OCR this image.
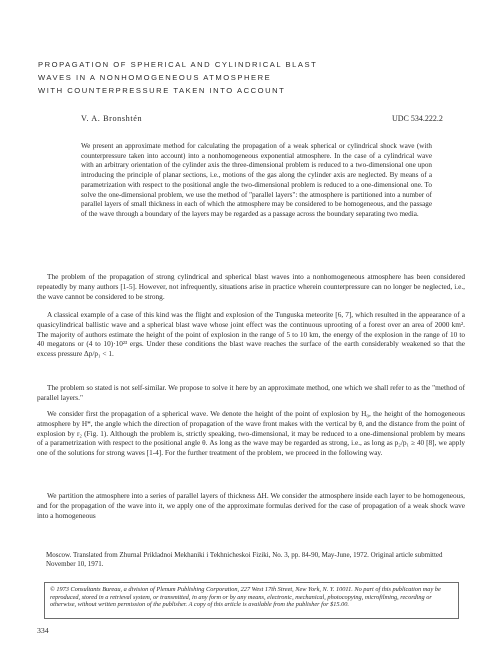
PROPAGATION OF SPHERICAL AND CYLINDRICAL BLAST
WAVES IN A NONHOMOGENEOUS ATMOSPHERE
WITH COUNTERPRESSURE TAKEN INTO ACCOUNT
V. A. Bronshtén	UDC 534.222.2
We present an approximate method for calculating the propagation of a weak spherical or cylindrical shock wave (with counterpressure taken into account) into a nonhomogeneous exponential atmosphere. In the case of a cylindrical wave with an arbitrary orientation of the cylinder axis the three-dimensional problem is reduced to a two-dimensional one upon introducing the principle of planar sections, i.e., motions of the gas along the cylinder axis are neglected. By means of a parametrization with respect to the positional angle the two-dimensional problem is reduced to a one-dimensional one. To solve the one-dimensional problem, we use the method of "parallel layers": the atmosphere is partitioned into a number of parallel layers of small thickness in each of which the atmosphere may be considered to be homogeneous, and the passage of the wave through a boundary of the layers may be regarded as a passage across the boundary separating two media.

The problem of the propagation of strong cylindrical and spherical blast waves into a nonhomogeneous atmosphere has been considered repeatedly by many authors [1-5]. However, not infrequently, situations arise in practice wherein counterpressure can no longer be neglected, i.e., the wave cannot be considered to be strong.

A classical example of a case of this kind was the flight and explosion of the Tunguska meteorite [6, 7], which resulted in the appearance of a quasicylindrical ballistic wave and a spherical blast wave whose joint effect was the continuous uprooting of a forest over an area of 2000 km². The majority of authors estimate the height of the point of explosion in the range of 5 to 10 km, the energy of the explosion in the range of 10 to 40 megatons or (4 to 10)·10²³ ergs. Under these conditions the blast wave reaches the surface of the earth considerably weakened so that the excess pressure Δp/p₁ < 1.

The problem so stated is not self-similar. We propose to solve it here by an approximate method, one which we shall refer to as the "method of parallel layers."

We consider first the propagation of a spherical wave. We denote the height of the point of explosion by H₀, the height of the homogeneous atmosphere by H*, the angle which the direction of propagation of the wave front makes with the vertical by θ, and the distance from the point of explosion by r₂ (Fig. 1). Although the problem is, strictly speaking, two-dimensional, it may be reduced to a one-dimensional problem by means of a parametrization with respect to the positional angle θ. As long as the wave may be regarded as strong, i.e., as long as p₂/p₁ ≥ 40 [8], we apply one of the solutions for strong waves [1-4]. For the further treatment of the problem, we proceed in the following way.

We partition the atmosphere into a series of parallel layers of thickness ΔH. We consider the atmosphere inside each layer to be homogeneous, and for the propagation of the wave into it, we apply one of the approximate formulas derived for the case of propagation of a weak shock wave into a homogeneous

Moscow. Translated from Zhurnal Prikladnoi Mekhaniki i Tekhnicheskoi Fiziki, No. 3, pp. 84-90, May-June, 1972. Original article submitted November 10, 1971.
© 1973 Consultants Bureau, a division of Plenum Publishing Corporation, 227 West 17th Street, New York, N. Y. 10011. No part of this publication may be reproduced, stored in a retrieval system, or transmitted, in any form or by any means, electronic, mechanical, photocopying, microfilming, recording or otherwise, without written permission of the publisher. A copy of this article is available from the publisher for $15.00.
334
